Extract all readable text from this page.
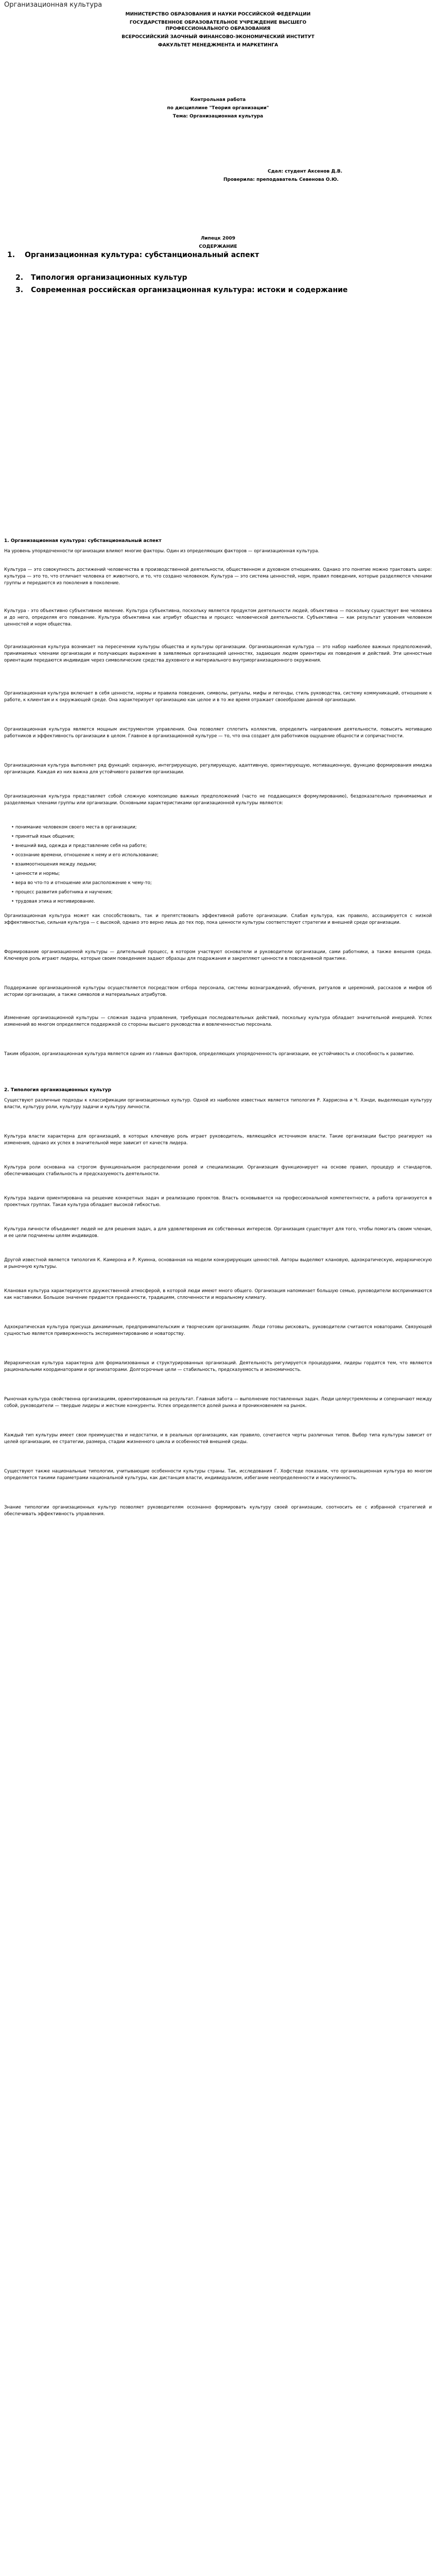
Организационная культура
МИНИСТЕРСТВО ОБРАЗОВАНИЯ И НАУКИ РОССИЙСКОЙ ФЕДЕРАЦИИ
ГОСУДАРСТВЕННОЕ ОБРАЗОВАТЕЛЬНОЕ УЧРЕЖДЕНИЕ ВЫСШЕГО
ПРОФЕССИОНАЛЬНОГО ОБРАЗОВАНИЯ
ВСЕРОССИЙСКИЙ ЗАОЧНЫЙ ФИНАНСОВО-ЭКОНОМИЧЕСКИЙ ИНСТИТУТ
ФАКУЛЬТЕТ МЕНЕДЖМЕНТА И МАРКЕТИНГА
Контрольная работа
по дисциплине "Теория организации"
Тема: Организационная культура
Сдал: студент Аксенов Д.В.
Проверила: преподаватель Севенова О.Ю.
Липецк 2009
СОДЕРЖАНИЕ
1. Организационная культура: субстанциональный аспект
2. Типология организационных культур
3. Современная российская организационная культура: истоки и содержание
1. Организационная культура: субстанциональный аспект
На уровень упорядоченности организации влияют многие факторы. Один из определяющих факторов — организационная культура.
Культура — это совокупность достижений человечества в производственной деятельности, общественном и духовном отношениях. Однако это понятие можно трактовать шире: культура — это то, что отличает человека от животного, и то, что создано человеком. Культура — это система ценностей, норм, правил поведения, которые разделяются членами группы и передаются из поколения в поколение.
Культура - это объективно субъективное явление. Культура субъективна, поскольку является продуктом деятельности людей, объективна — поскольку существует вне человека и до него, определяя его поведение. Культура объективна как атрибут общества и процесс человеческой деятельности. Субъективна — как результат усвоения человеком ценностей и норм общества.
Организационная культура возникает на пересечении культуры общества и культуры организации. Организационная культура — это набор наиболее важных предположений, принимаемых членами организации и получающих выражение в заявляемых организацией ценностях, задающих людям ориентиры их поведения и действий. Эти ценностные ориентации передаются индивидам через символические средства духовного и материального внутриорганизационного окружения.
Организационная культура включает в себя ценности, нормы и правила поведения, символы, ритуалы, мифы и легенды, стиль руководства, систему коммуникаций, отношение к работе, к клиентам и к окружающей среде. Она характеризует организацию как целое и в то же время отражает своеобразие данной организации.
Организационная культура является мощным инструментом управления. Она позволяет сплотить коллектив, определить направления деятельности, повысить мотивацию работников и эффективность организации в целом. Главное в организационной культуре — то, что она создает для работников ощущение общности и сопричастности.
Организационная культура выполняет ряд функций: охранную, интегрирующую, регулирующую, адаптивную, ориентирующую, мотивационную, функцию формирования имиджа организации. Каждая из них важна для устойчивого развития организации.
Организационная культура представляет собой сложную композицию важных предположений (часто не поддающихся формулированию), бездоказательно принимаемых и разделяемых членами группы или организации. Основными характеристиками организационной культуры являются:
• понимание человеком своего места в организации;
• принятый язык общения;
• внешний вид, одежда и представление себя на работе;
• осознание времени, отношение к нему и его использование;
• взаимоотношения между людьми;
• ценности и нормы;
• вера во что-то и отношение или расположение к чему-то;
• процесс развития работника и научения;
• трудовая этика и мотивирование.
Организационная культура может как способствовать, так и препятствовать эффективной работе организации. Слабая культура, как правило, ассоциируется с низкой эффективностью, сильная культура — с высокой, однако это верно лишь до тех пор, пока ценности культуры соответствуют стратегии и внешней среде организации.
Формирование организационной культуры — длительный процесс, в котором участвуют основатели и руководители организации, сами работники, а также внешняя среда. Ключевую роль играют лидеры, которые своим поведением задают образцы для подражания и закрепляют ценности в повседневной практике.
Поддержание организационной культуры осуществляется посредством отбора персонала, системы вознаграждений, обучения, ритуалов и церемоний, рассказов и мифов об истории организации, а также символов и материальных атрибутов.
Изменение организационной культуры — сложная задача управления, требующая последовательных действий, поскольку культура обладает значительной инерцией. Успех изменений во многом определяется поддержкой со стороны высшего руководства и вовлеченностью персонала.
Таким образом, организационная культура является одним из главных факторов, определяющих упорядоченность организации, ее устойчивость и способность к развитию.
2. Типология организационных культур
Существуют различные подходы к классификации организационных культур. Одной из наиболее известных является типология Р. Харрисона и Ч. Хэнди, выделяющая культуру власти, культуру роли, культуру задачи и культуру личности.
Культура власти характерна для организаций, в которых ключевую роль играет руководитель, являющийся источником власти. Такие организации быстро реагируют на изменения, однако их успех в значительной мере зависит от качеств лидера.
Культура роли основана на строгом функциональном распределении ролей и специализации. Организация функционирует на основе правил, процедур и стандартов, обеспечивающих стабильность и предсказуемость деятельности.
Культура задачи ориентирована на решение конкретных задач и реализацию проектов. Власть основывается на профессиональной компетентности, а работа организуется в проектных группах. Такая культура обладает высокой гибкостью.
Культура личности объединяет людей не для решения задач, а для удовлетворения их собственных интересов. Организация существует для того, чтобы помогать своим членам, и ее цели подчинены целям индивидов.
Другой известной является типология К. Камерона и Р. Куинна, основанная на модели конкурирующих ценностей. Авторы выделяют клановую, адхократическую, иерархическую и рыночную культуры.
Клановая культура характеризуется дружественной атмосферой, в которой люди имеют много общего. Организация напоминает большую семью, руководители воспринимаются как наставники. Большое значение придается преданности, традициям, сплоченности и моральному климату.
Адхократическая культура присуща динамичным, предпринимательским и творческим организациям. Люди готовы рисковать, руководители считаются новаторами. Связующей сущностью является приверженность экспериментированию и новаторству.
Иерархическая культура характерна для формализованных и структурированных организаций. Деятельность регулируется процедурами, лидеры гордятся тем, что являются рациональными координаторами и организаторами. Долгосрочные цели — стабильность, предсказуемость и экономичность.
Рыночная культура свойственна организациям, ориентированным на результат. Главная забота — выполнение поставленных задач. Люди целеустремленны и соперничают между собой, руководители — твердые лидеры и жесткие конкуренты. Успех определяется долей рынка и проникновением на рынок.
Каждый тип культуры имеет свои преимущества и недостатки, и в реальных организациях, как правило, сочетаются черты различных типов. Выбор типа культуры зависит от целей организации, ее стратегии, размера, стадии жизненного цикла и особенностей внешней среды.
Существуют также национальные типологии, учитывающие особенности культуры страны. Так, исследования Г. Хофстеде показали, что организационная культура во многом определяется такими параметрами национальной культуры, как дистанция власти, индивидуализм, избегание неопределенности и маскулинность.
Знание типологии организационных культур позволяет руководителям осознанно формировать культуру своей организации, соотносить ее с избранной стратегией и обеспечивать эффективность управления.
